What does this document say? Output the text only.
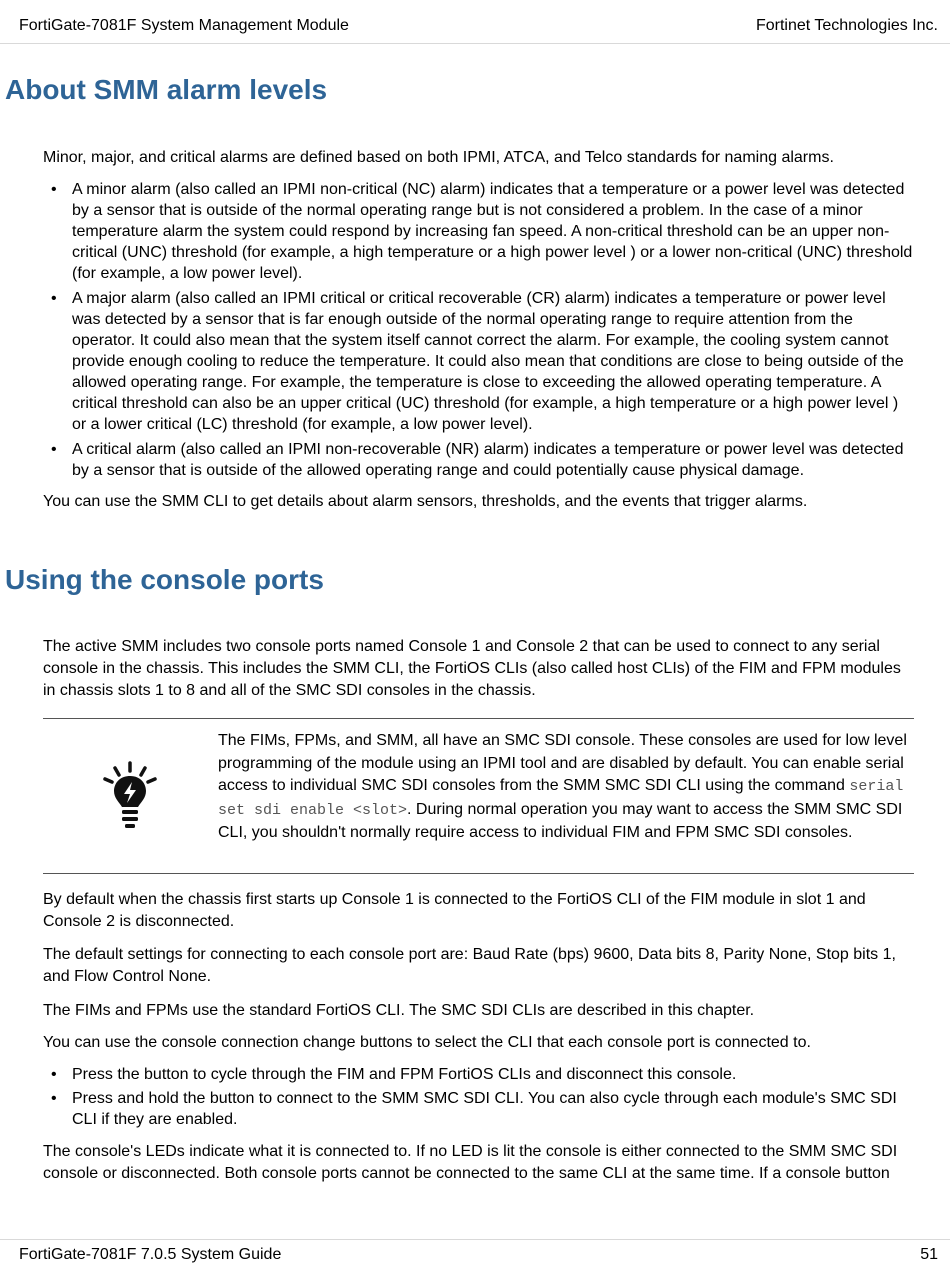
FortiGate-7081F System Management Module	Fortinet Technologies Inc.
About SMM alarm levels

Minor, major, and critical alarms are defined based on both IPMI, ATCA, and Telco standards for naming alarms.

• A minor alarm (also called an IPMI non-critical (NC) alarm) indicates that a temperature or a power level was detected by a sensor that is outside of the normal operating range but is not considered a problem. In the case of a minor temperature alarm the system could respond by increasing fan speed. A non-critical threshold can be an upper non-critical (UNC) threshold (for example, a high temperature or a high power level ) or a lower non-critical (UNC) threshold (for example, a low power level).
• A major alarm (also called an IPMI critical or critical recoverable (CR) alarm) indicates a temperature or power level was detected by a sensor that is far enough outside of the normal operating range to require attention from the operator. It could also mean that the system itself cannot correct the alarm. For example, the cooling system cannot provide enough cooling to reduce the temperature. It could also mean that conditions are close to being outside of the allowed operating range. For example, the temperature is close to exceeding the allowed operating temperature. A critical threshold can also be an upper critical (UC) threshold (for example, a high temperature or a high power level ) or a lower critical (LC) threshold (for example, a low power level).
• A critical alarm (also called an IPMI non-recoverable (NR) alarm) indicates a temperature or power level was detected by a sensor that is outside of the allowed operating range and could potentially cause physical damage.

You can use the SMM CLI to get details about alarm sensors, thresholds, and the events that trigger alarms.

Using the console ports

The active SMM includes two console ports named Console 1 and Console 2 that can be used to connect to any serial console in the chassis. This includes the SMM CLI, the FortiOS CLIs (also called host CLIs) of the FIM and FPM modules in chassis slots 1 to 8 and all of the SMC SDI consoles in the chassis.

The FIMs, FPMs, and SMM, all have an SMC SDI console. These consoles are used for low level programming of the module using an IPMI tool and are disabled by default. You can enable serial access to individual SMC SDI consoles from the SMM SMC SDI CLI using the command serial set sdi enable <slot>. During normal operation you may want to access the SMM SMC SDI CLI, you shouldn't normally require access to individual FIM and FPM SMC SDI consoles.

By default when the chassis first starts up Console 1 is connected to the FortiOS CLI of the FIM module in slot 1 and Console 2 is disconnected.

The default settings for connecting to each console port are: Baud Rate (bps) 9600, Data bits 8, Parity None, Stop bits 1, and Flow Control None.

The FIMs and FPMs use the standard FortiOS CLI. The SMC SDI CLIs are described in this chapter.

You can use the console connection change buttons to select the CLI that each console port is connected to.

• Press the button to cycle through the FIM and FPM FortiOS CLIs and disconnect this console.
• Press and hold the button to connect to the SMM SMC SDI CLI. You can also cycle through each module's SMC SDI CLI if they are enabled.

The console's LEDs indicate what it is connected to. If no LED is lit the console is either connected to the SMM SMC SDI console or disconnected. Both console ports cannot be connected to the same CLI at the same time. If a console button

FortiGate-7081F 7.0.5 System Guide	51
